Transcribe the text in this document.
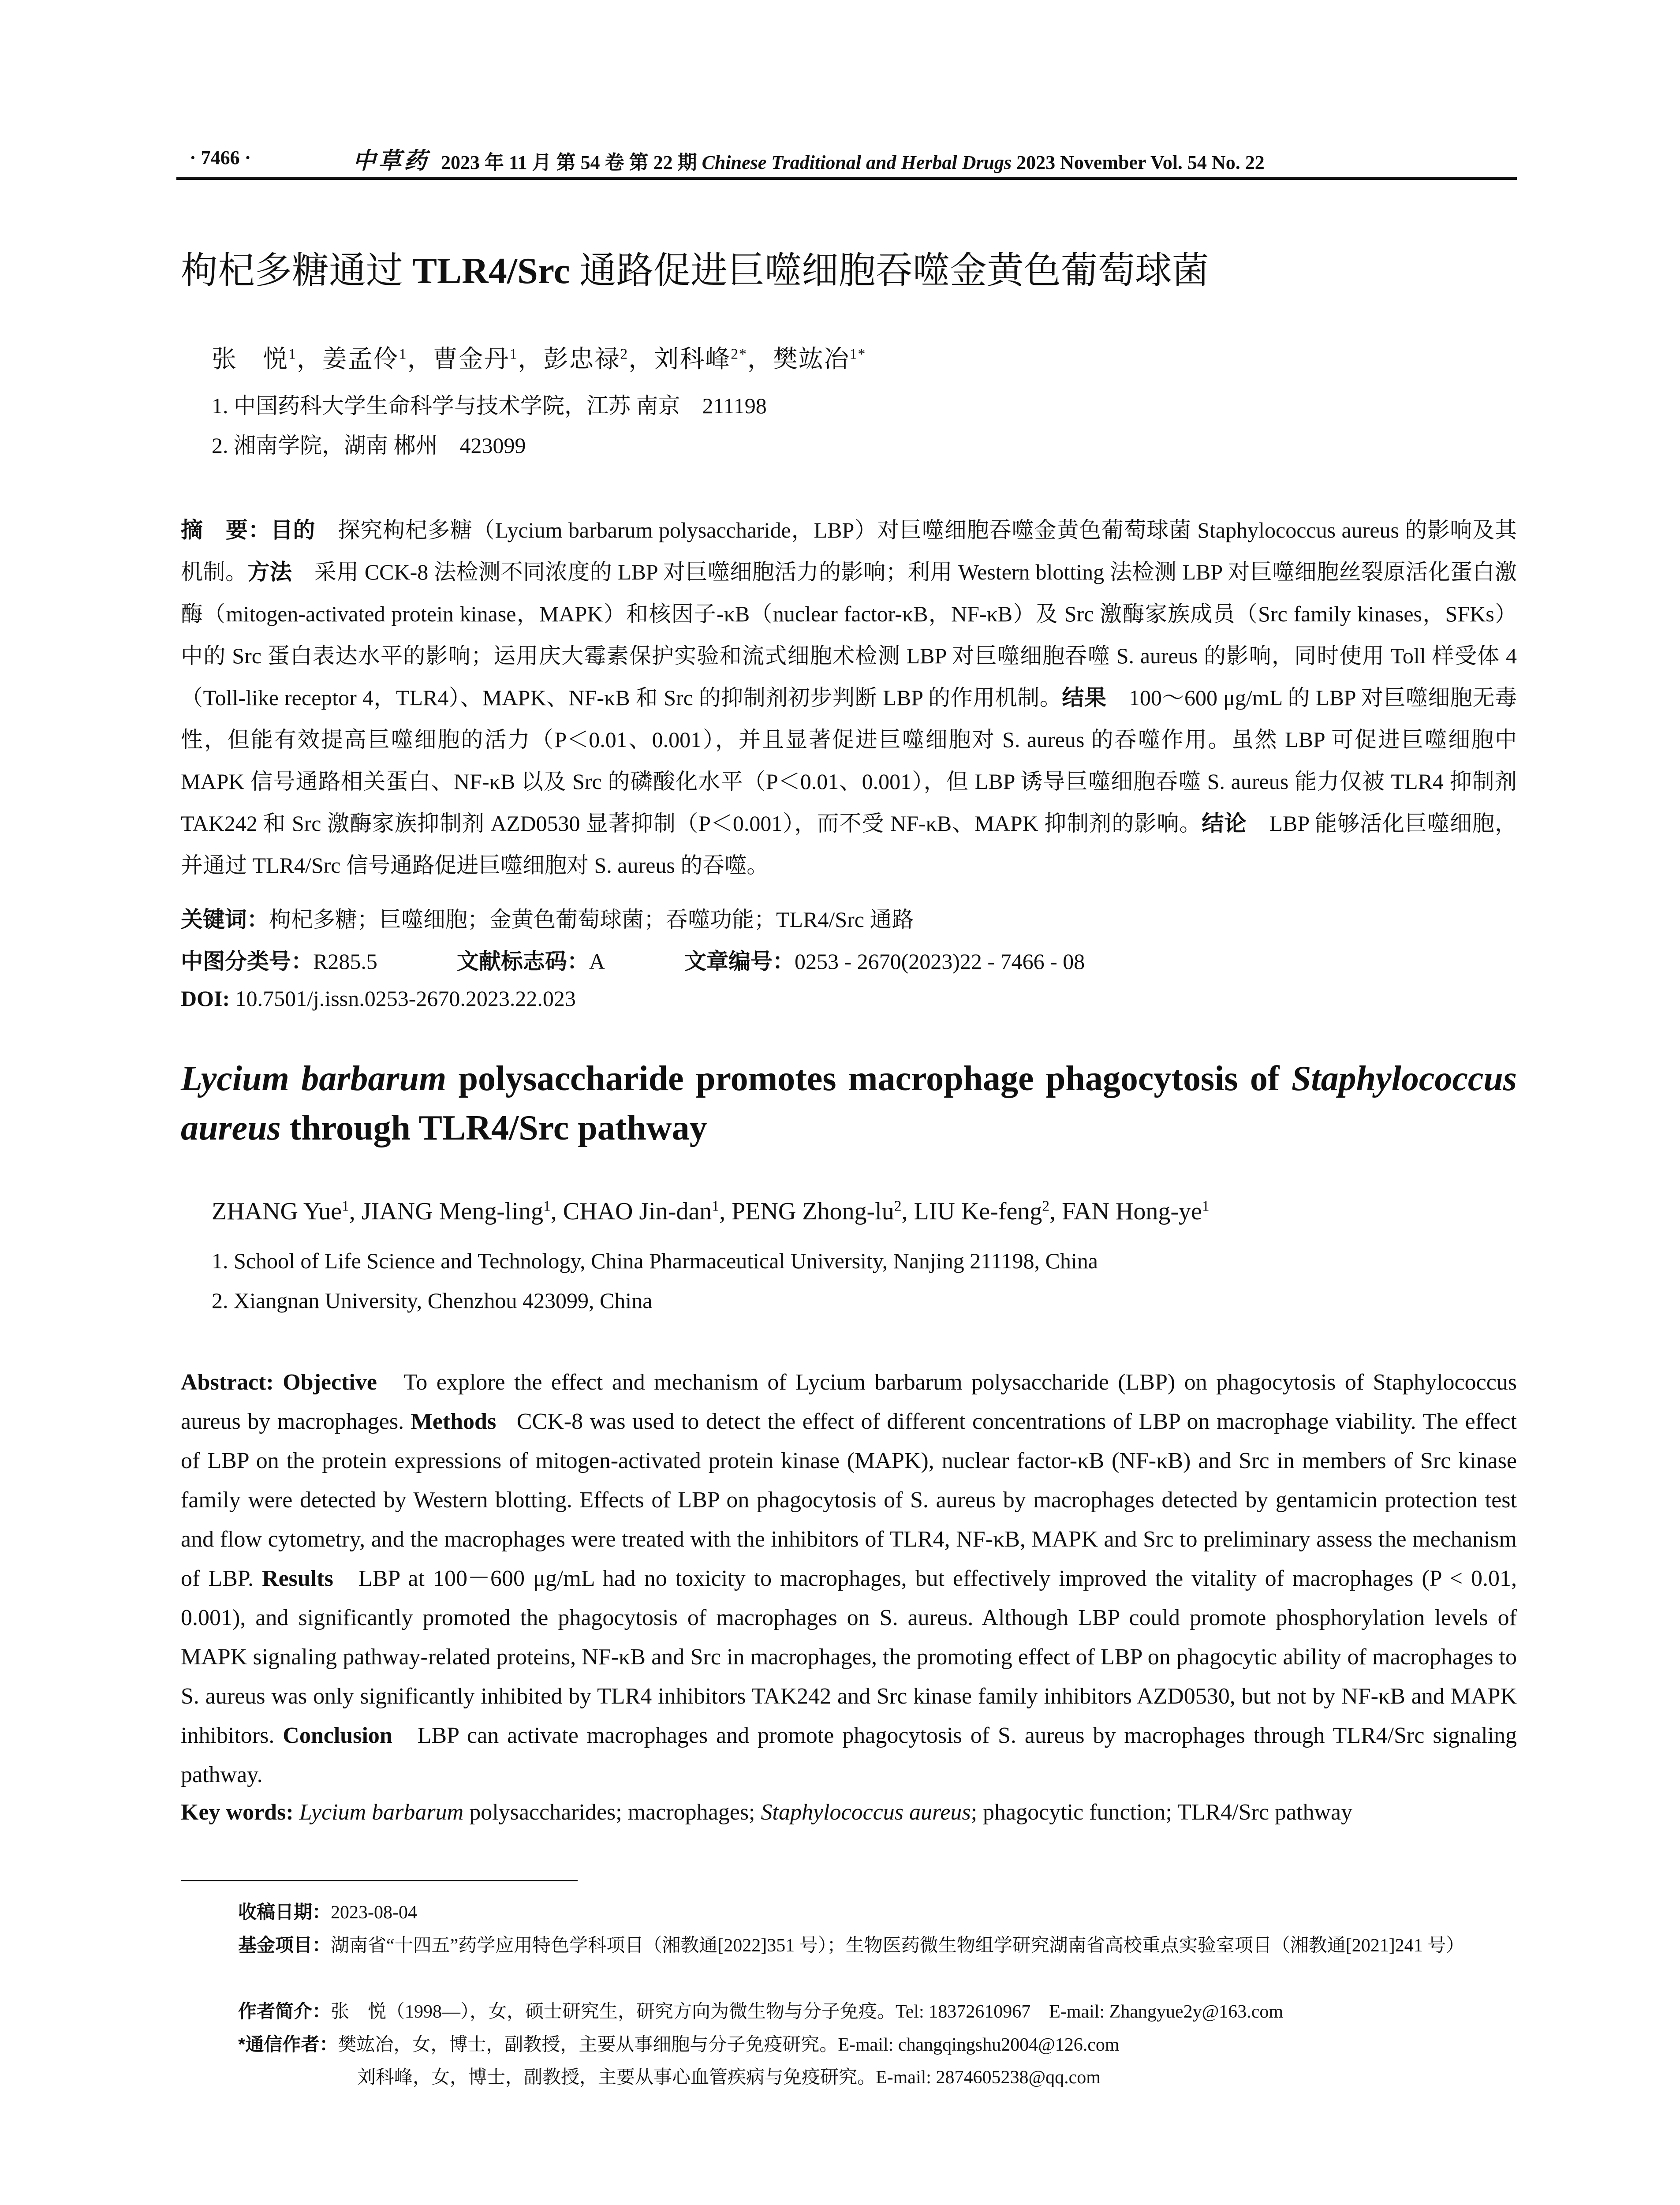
· 7466 ·	中草药 2023 年 11 月 第 54 卷 第 22 期 Chinese Traditional and Herbal Drugs 2023 November Vol. 54 No. 22
枸杞多糖通过 TLR4/Src 通路促进巨噬细胞吞噬金黄色葡萄球菌
张　悦$^1$，姜孟伶$^1$，曹金丹$^1$，彭忠禄$^2$，刘科峰$^{2*}$，樊竑冶$^{1*}$
1. 中国药科大学生命科学与技术学院，江苏 南京　211198
2. 湘南学院，湖南 郴州　423099
摘　要：目的　探究枸杞多糖（Lycium barbarum polysaccharide，LBP）对巨噬细胞吞噬金黄色葡萄球菌 Staphylococcus aureus 的影响及其机制。方法　采用 CCK-8 法检测不同浓度的 LBP 对巨噬细胞活力的影响；利用 Western blotting 法检测 LBP 对巨噬细胞丝裂原活化蛋白激酶（mitogen-activated protein kinase，MAPK）和核因子-κB（nuclear factor-κB，NF-κB）及 Src 激酶家族成员（Src family kinases，SFKs）中的 Src 蛋白表达水平的影响；运用庆大霉素保护实验和流式细胞术检测 LBP 对巨噬细胞吞噬 S. aureus 的影响，同时使用 Toll 样受体 4（Toll-like receptor 4，TLR4）、MAPK、NF-κB 和 Src 的抑制剂初步判断 LBP 的作用机制。结果　100～600 μg/mL 的 LBP 对巨噬细胞无毒性，但能有效提高巨噬细胞的活力（P＜0.01、0.001），并且显著促进巨噬细胞对 S. aureus 的吞噬作用。虽然 LBP 可促进巨噬细胞中 MAPK 信号通路相关蛋白、NF-κB 以及 Src 的磷酸化水平（P＜0.01、0.001），但 LBP 诱导巨噬细胞吞噬 S. aureus 能力仅被 TLR4 抑制剂 TAK242 和 Src 激酶家族抑制剂 AZD0530 显著抑制（P＜0.001），而不受 NF-κB、MAPK 抑制剂的影响。结论　LBP 能够活化巨噬细胞，并通过 TLR4/Src 信号通路促进巨噬细胞对 S. aureus 的吞噬。
关键词：枸杞多糖；巨噬细胞；金黄色葡萄球菌；吞噬功能；TLR4/Src 通路
中图分类号：R285.5	文献标志码：A	文章编号：0253 - 2670(2023)22 - 7466 - 08
DOI: 10.7501/j.issn.0253-2670.2023.22.023
Lycium barbarum polysaccharide promotes macrophage phagocytosis of Staphylococcus aureus through TLR4/Src pathway
ZHANG Yue$^1$, JIANG Meng-ling$^1$, CHAO Jin-dan$^1$, PENG Zhong-$lu^2$, LIU Ke-feng$^2$, FAN Hong-$ye^1$
1. School of Life Science and Technology, China Pharmaceutical University, Nanjing 211198, China
2. Xiangnan University, Chenzhou 423099, China
Abstract: Objective To explore the effect and mechanism of Lycium barbarum polysaccharide (LBP) on phagocytosis of Staphylococcus aureus by macrophages. Methods CCK-8 was used to detect the effect of different concentrations of LBP on macrophage viability. The effect of LBP on the protein expressions of mitogen-activated protein kinase (MAPK), nuclear factor-κB (NF-κB) and Src in members of Src kinase family were detected by Western blotting. Effects of LBP on phagocytosis of S. aureus by macrophages detected by gentamicin protection test and flow cytometry, and the macrophages were treated with the inhibitors of TLR4, NF-κB, MAPK and Src to preliminary assess the mechanism of LBP. Results LBP at 100－600 μg/mL had no toxicity to macrophages, but effectively improved the vitality of macrophages (P < 0.01, 0.001), and significantly promoted the phagocytosis of macrophages on S. aureus. Although LBP could promote phosphorylation levels of MAPK signaling pathway-related proteins, NF-κB and Src in macrophages, the promoting effect of LBP on phagocytic ability of macrophages to S. aureus was only significantly inhibited by TLR4 inhibitors TAK242 and Src kinase family inhibitors AZD0530, but not by NF-κB and MAPK inhibitors. Conclusion LBP can activate macrophages and promote phagocytosis of S. aureus by macrophages through TLR4/Src signaling pathway.
Key words: Lycium barbarum polysaccharides; macrophages; Staphylococcus aureus; phagocytic function; TLR4/Src pathway
收稿日期：2023-08-04
基金项目：湖南省“十四五”药学应用特色学科项目（湘教通[2022]351 号）；生物医药微生物组学研究湖南省高校重点实验室项目（湘教通[2021]241 号）
作者简介：张　悦（1998—），女，硕士研究生，研究方向为微生物与分子免疫。Tel: 18372610967　E-mail: Zhangyue2y@163.com
*通信作者：樊竑冶，女，博士，副教授，主要从事细胞与分子免疫研究。E-mail: changqingshu2004@126.com
刘科峰，女，博士，副教授，主要从事心血管疾病与免疫研究。E-mail: 2874605238@qq.com
